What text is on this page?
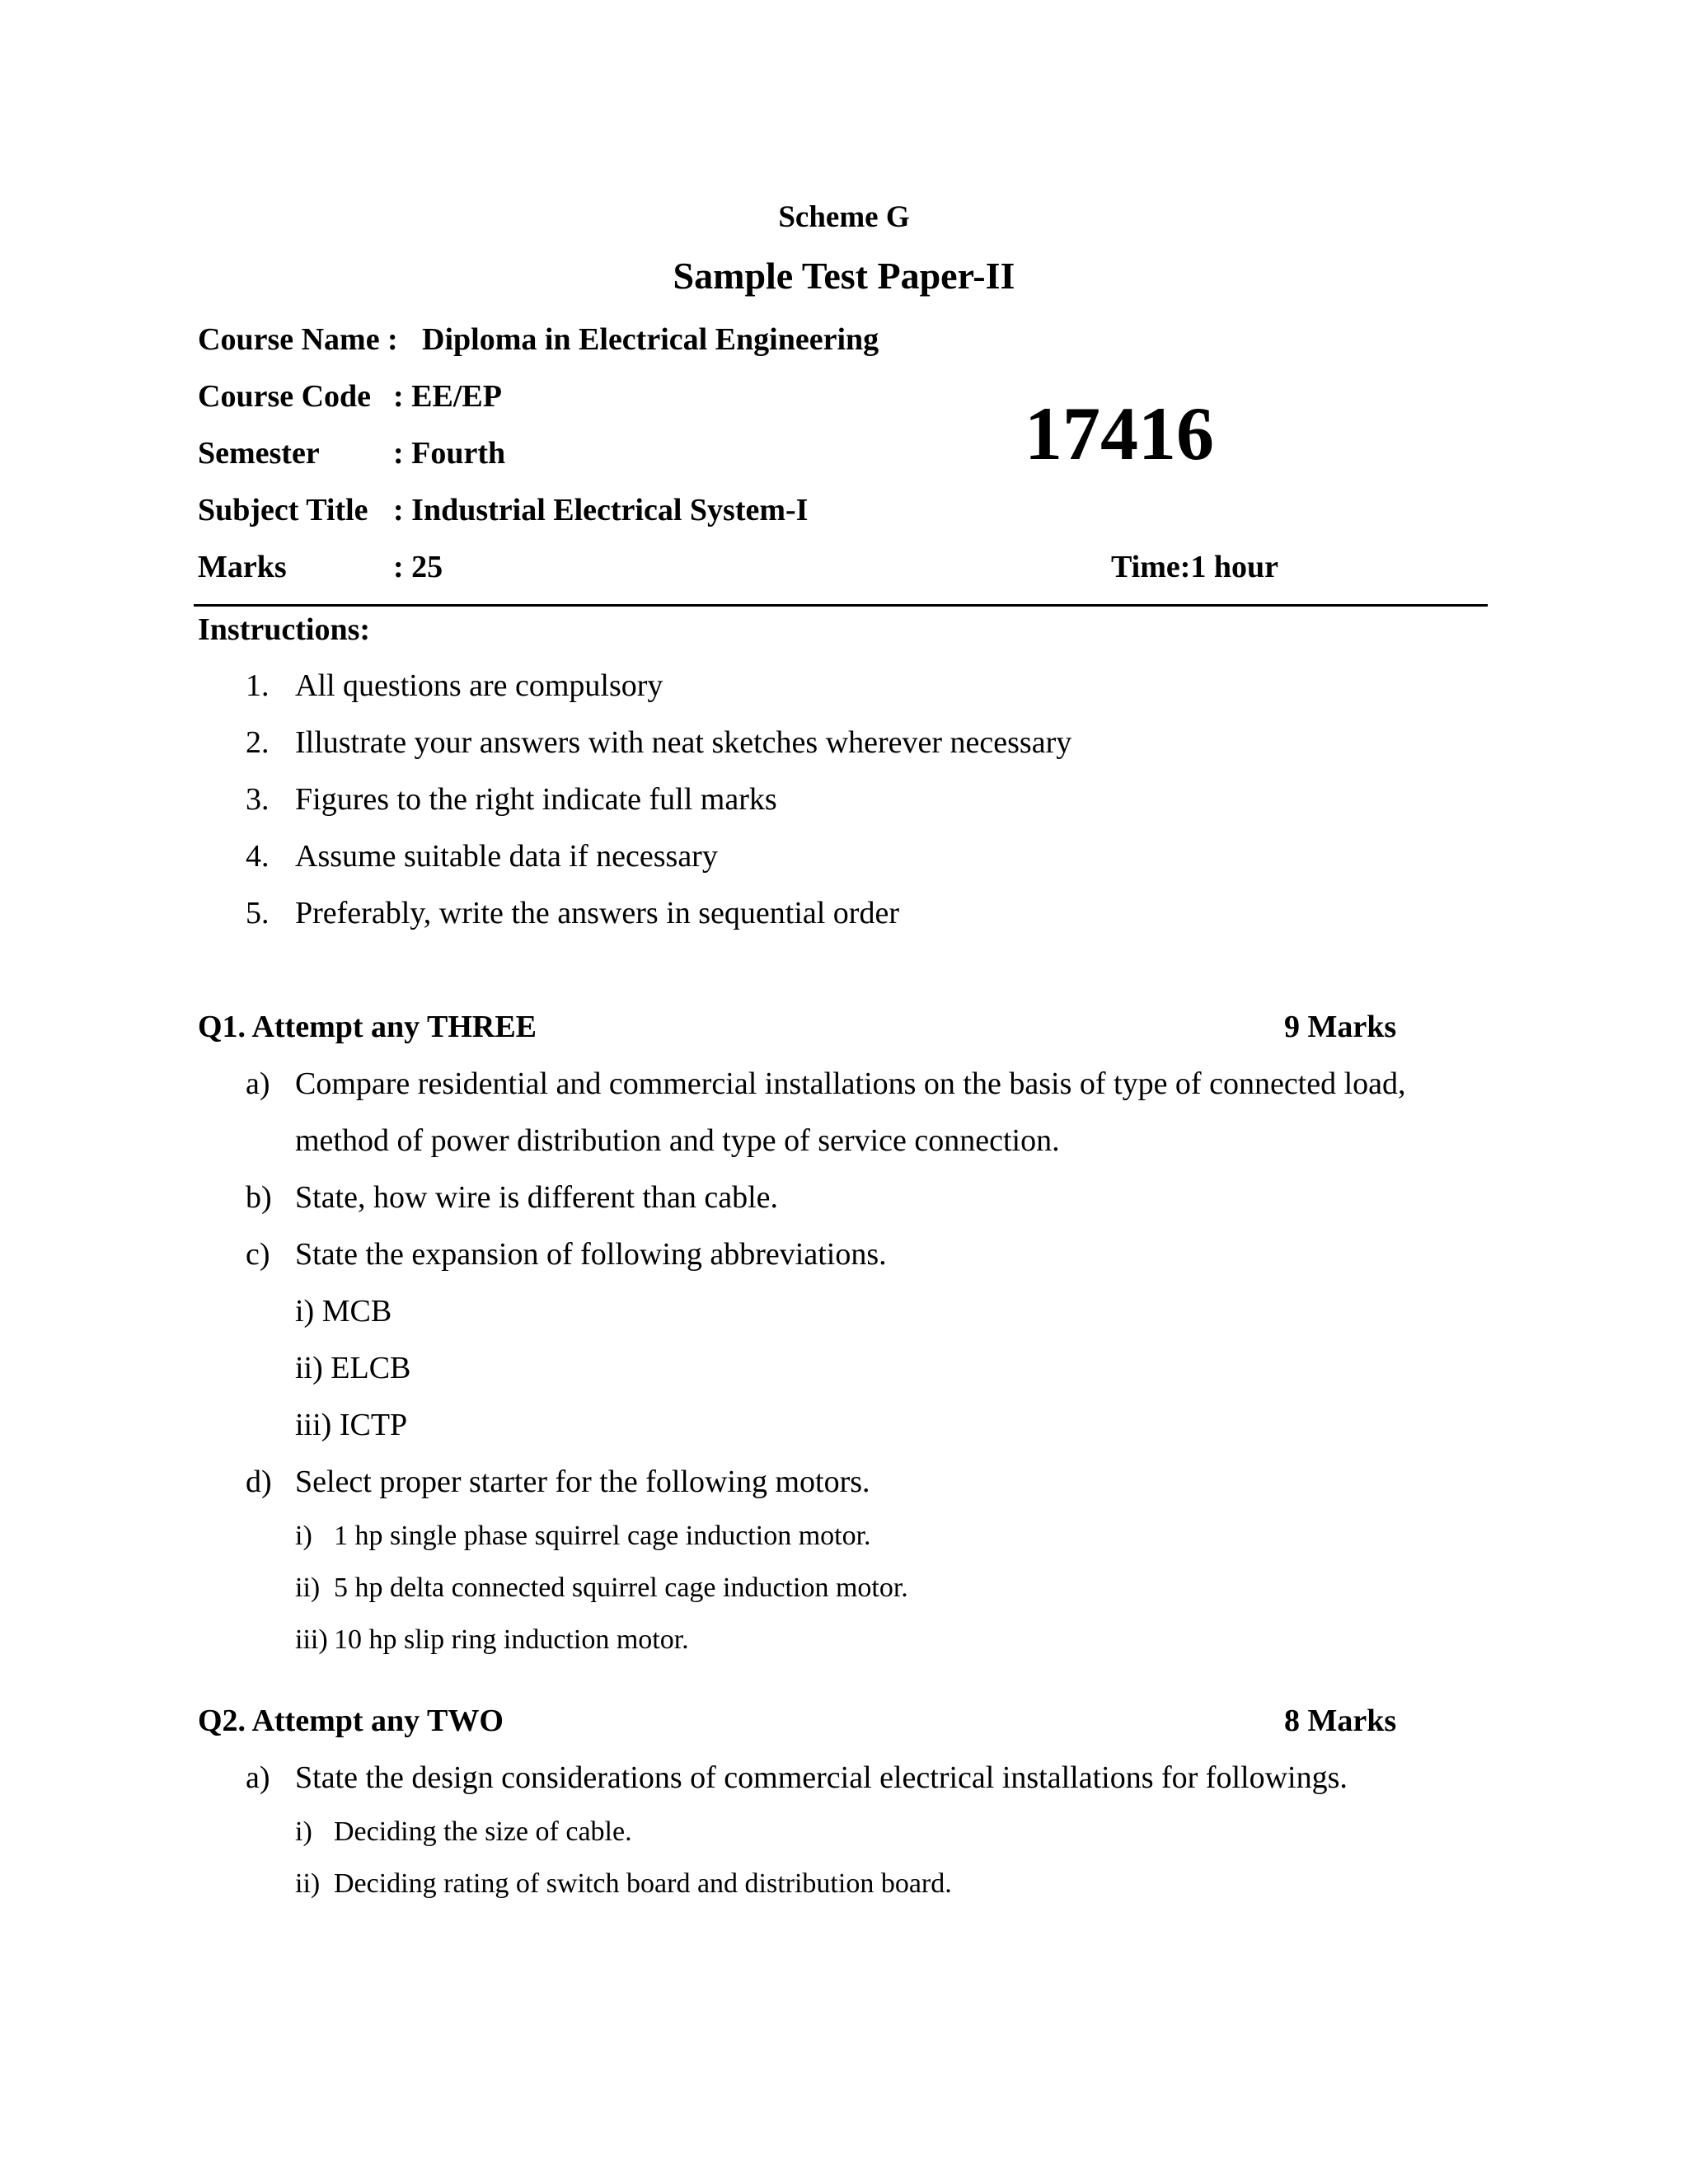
Scheme G
Sample Test Paper-II
Course Name : Diploma in Electrical Engineering
Course Code : EE/EP
Semester : Fourth
Subject Title : Industrial Electrical System-I
Marks	: 25
17416
Time:1 hour
Instructions:
1. All questions are compulsory
2. Illustrate your answers with neat sketches wherever necessary
3. Figures to the right indicate full marks
4. Assume suitable data if necessary
5. Preferably, write the answers in sequential order
Q1. Attempt any THREE	9 Marks
a) Compare residential and commercial installations on the basis of type of connected load,
method of power distribution and type of service connection.
b) State, how wire is different than cable.
c) State the expansion of following abbreviations.
i) MCB
ii) ELCB
iii) ICTP
d) Select proper starter for the following motors.
i) 1 hp single phase squirrel cage induction motor.
ii) 5 hp delta connected squirrel cage induction motor.
iii) 10 hp slip ring induction motor.
Q2. Attempt any TWO	8 Marks
a) State the design considerations of commercial electrical installations for followings.
i) Deciding the size of cable.
ii) Deciding rating of switch board and distribution board.
